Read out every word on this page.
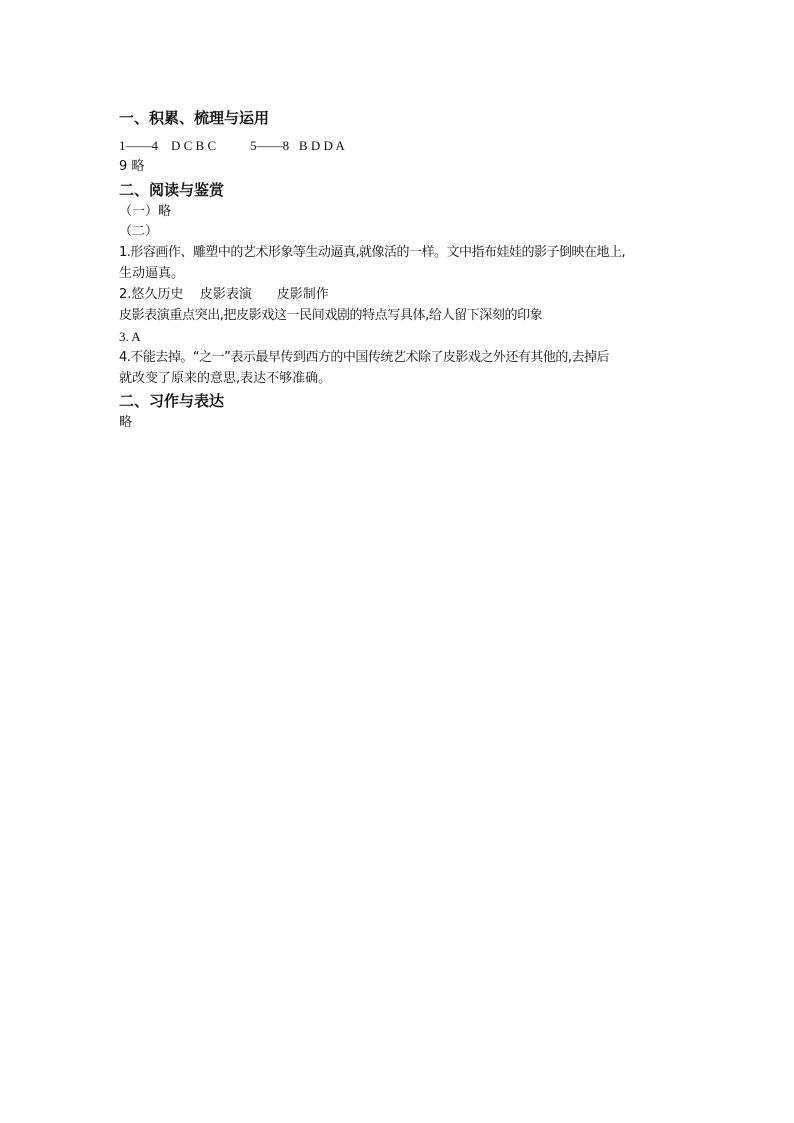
一、积累、梳理与运用

1——4    D C B C	5——8   B D D A

9 略

二、阅读与鉴赏

（一）略

（二）

1.形容画作、雕塑中的艺术形象等生动逼真,就像活的一样。文中指布娃娃的影子倒映在地上,

生动逼真。

2.悠久历史    皮影表演      皮影制作

皮影表演重点突出,把皮影戏这一民间戏剧的特点写具体,给人留下深刻的印象

3. A

4.不能去掉。“之一”表示最早传到西方的中国传统艺术除了皮影戏之外还有其他的,去掉后

就改变了原来的意思,表达不够准确。

二、习作与表达

略
